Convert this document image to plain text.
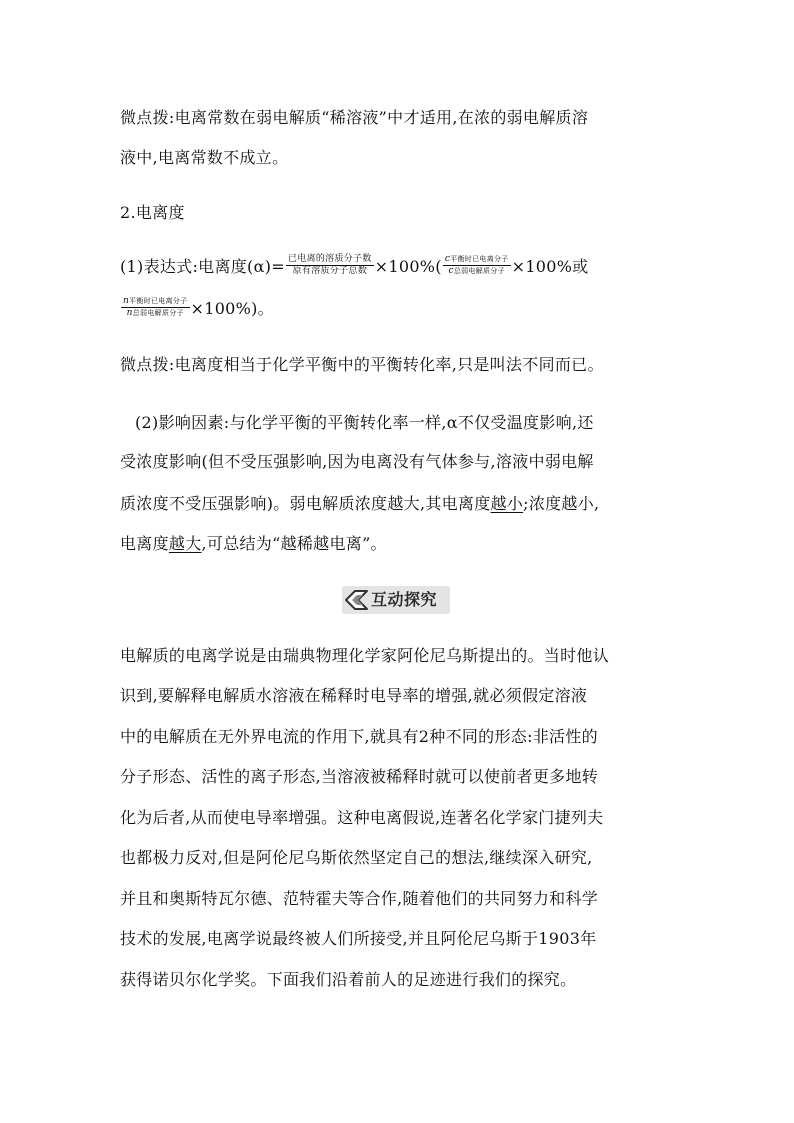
微点拨:电离常数在弱电解质“稀溶液”中才适用,在浓的弱电解质溶
液中,电离常数不成立。
2.电离度
(1)表达式:电离度$(\alpha)= \frac{\text{已电离的溶质分子数}}{\text{原有溶质分子总数}} \times 100\%( \frac{\text{c平衡时已电离分子}}{\text{c总弱电解质分子}} \times 100\%$或
$\frac{\text{n平衡时已电离分子}}{\text{n总弱电解质分子}} \times 100\%$)。
微点拨:电离度相当于化学平衡中的平衡转化率,只是叫法不同而已。
(2)影响因素:与化学平衡的平衡转化率一样,α不仅受温度影响,还
受浓度影响(但不受压强影响,因为电离没有气体参与,溶液中弱电解
质浓度不受压强影响)。弱电解质浓度越大,其电离度越小;浓度越小,
电离度越大,可总结为“越稀越电离”。
互动探究
电解质的电离学说是由瑞典物理化学家阿伦尼乌斯提出的。当时他认
识到,要解释电解质水溶液在稀释时电导率的增强,就必须假定溶液
中的电解质在无外界电流的作用下,就具有2种不同的形态:非活性的
分子形态、活性的离子形态,当溶液被稀释时就可以使前者更多地转
化为后者,从而使电导率增强。这种电离假说,连著名化学家门捷列夫
也都极力反对,但是阿伦尼乌斯依然坚定自己的想法,继续深入研究,
并且和奥斯特瓦尔德、范特霍夫等合作,随着他们的共同努力和科学
技术的发展,电离学说最终被人们所接受,并且阿伦尼乌斯于1903年
获得诺贝尔化学奖。下面我们沿着前人的足迹进行我们的探究。
